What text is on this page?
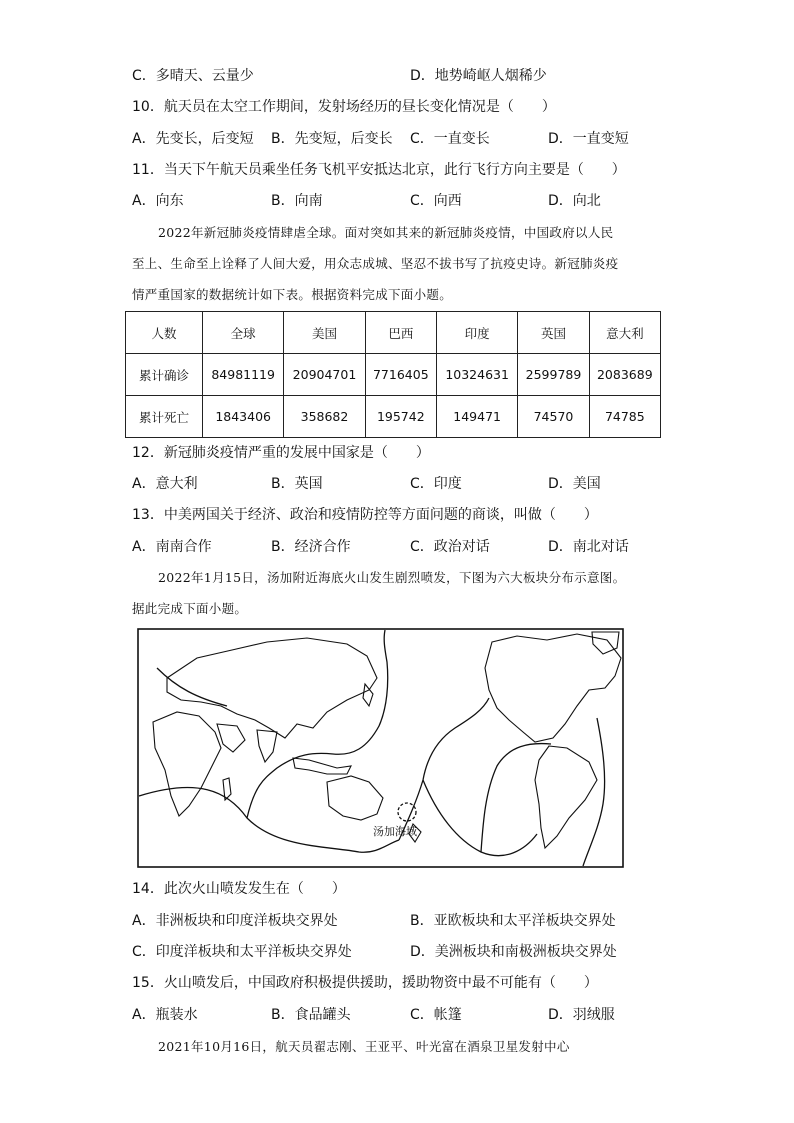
C．多晴天、云量少	D．地势崎岖人烟稀少
10．航天员在太空工作期间，发射场经历的昼长变化情况是（　　）
A．先变长，后变短 B．先变短，后变长 C．一直变长	D．一直变短
11．当天下午航天员乘坐任务飞机平安抵达北京，此行飞行方向主要是（　　）
A．向东	B．向南	C．向西	D．向北
2022年新冠肺炎疫情肆虐全球。面对突如其来的新冠肺炎疫情，中国政府以人民
至上、生命至上诠释了人间大爱，用众志成城、坚忍不拔书写了抗疫史诗。新冠肺炎疫
情严重国家的数据统计如下表。根据资料完成下面小题。
人数	全球	美国	巴西	印度	英国	意大利
累计确诊	84981119	20904701	7716405	10324631	2599789	2083689
累计死亡	1843406	358682	195742	149471	74570	74785
12．新冠肺炎疫情严重的发展中国家是（　　）
A．意大利	B．英国	C．印度	D．美国
13．中美两国关于经济、政治和疫情防控等方面问题的商谈，叫做（　　）
A．南南合作	B．经济合作	C．政治对话	D．南北对话
2022年1月15日，汤加附近海底火山发生剧烈喷发，下图为六大板块分布示意图。
据此完成下面小题。
汤加海域
14．此次火山喷发发生在（　　）
A．非洲板块和印度洋板块交界处	B．亚欧板块和太平洋板块交界处
C．印度洋板块和太平洋板块交界处	D．美洲板块和南极洲板块交界处
15．火山喷发后，中国政府积极提供援助，援助物资中最不可能有（　　）
A．瓶装水	B．食品罐头	C．帐篷	D．羽绒服
2021年10月16日，航天员翟志刚、王亚平、叶光富在酒泉卫星发射中心
